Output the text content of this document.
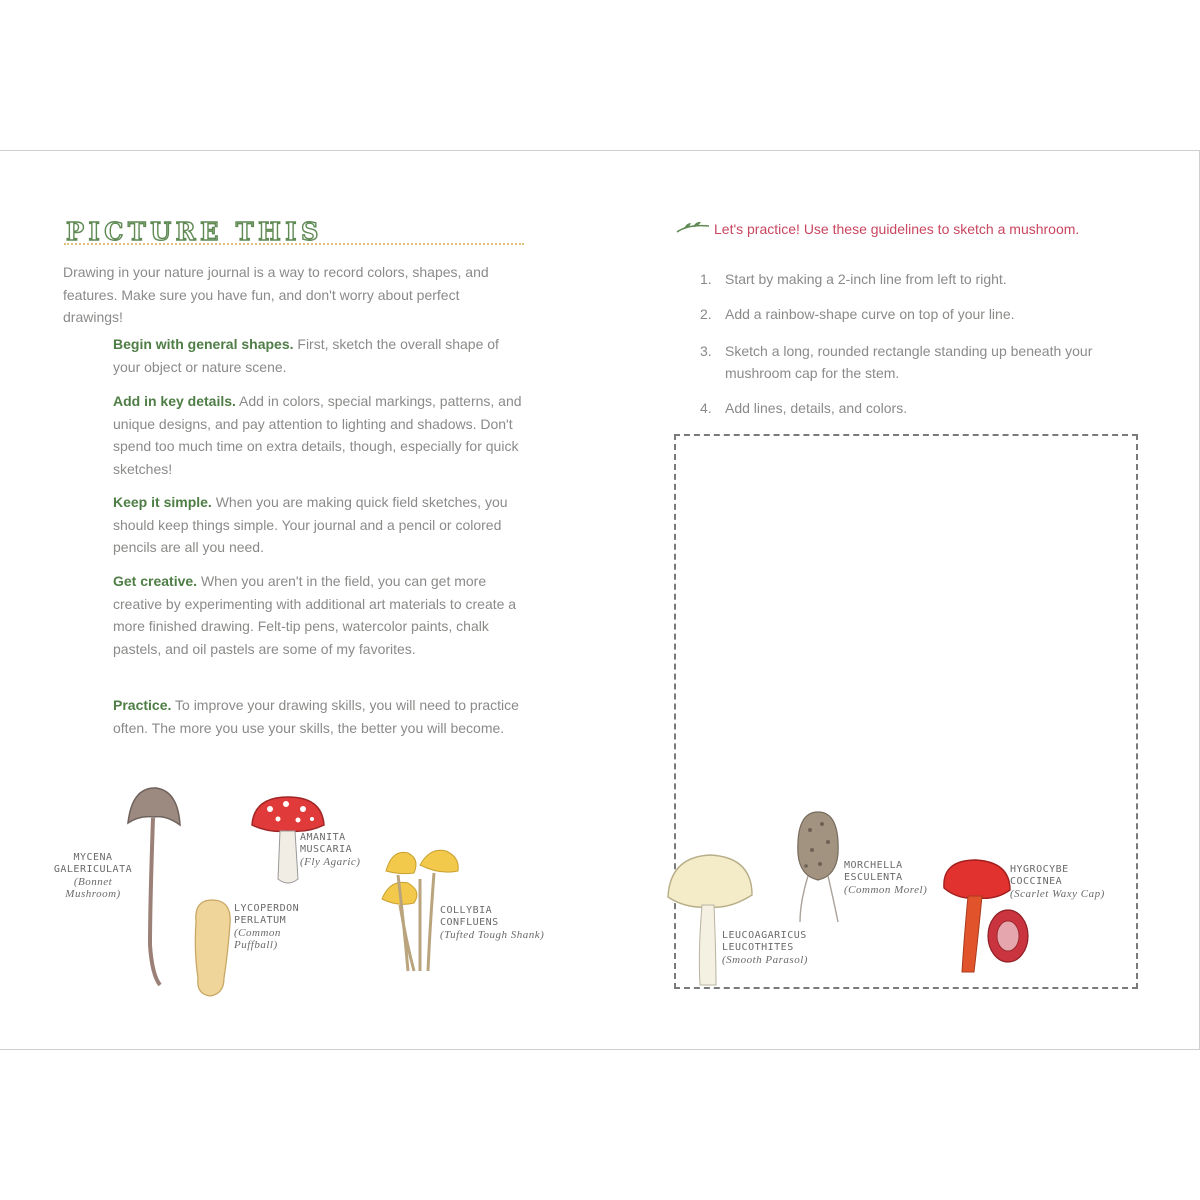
PICTURE THIS

Drawing in your nature journal is a way to record colors, shapes, and features. Make sure you have fun, and don't worry about perfect drawings!

Begin with general shapes. First, sketch the overall shape of your object or nature scene.

Add in key details. Add in colors, special markings, patterns, and unique designs, and pay attention to lighting and shadows. Don't spend too much time on extra details, though, especially for quick sketches!

Keep it simple. When you are making quick field sketches, you should keep things simple. Your journal and a pencil or colored pencils are all you need.

Get creative. When you aren't in the field, you can get more creative by experimenting with additional art materials to create a more finished drawing. Felt-tip pens, watercolor paints, chalk pastels, and oil pastels are some of my favorites.

Practice. To improve your drawing skills, you will need to practice often. The more you use your skills, the better you will become.

MYCENA GALERICULATA
(Bonnet Mushroom)
AMANITA MUSCARIA
(Fly Agaric)
LYCOPERDON PERLATUM
(Common Puffball)
COLLYBIA CONFLUENS
(Tufted Tough Shank)

Let's practice! Use these guidelines to sketch a mushroom.

1. Start by making a 2-inch line from left to right.
2. Add a rainbow-shape curve on top of your line.
3. Sketch a long, rounded rectangle standing up beneath your mushroom cap for the stem.
4. Add lines, details, and colors.
LEUCOAGARICUS LEUCOTHITES
(Smooth Parasol)
MORCHELLA ESCULENTA
(Common Morel)
HYGROCYBE COCCINEA
(Scarlet Waxy Cap)
